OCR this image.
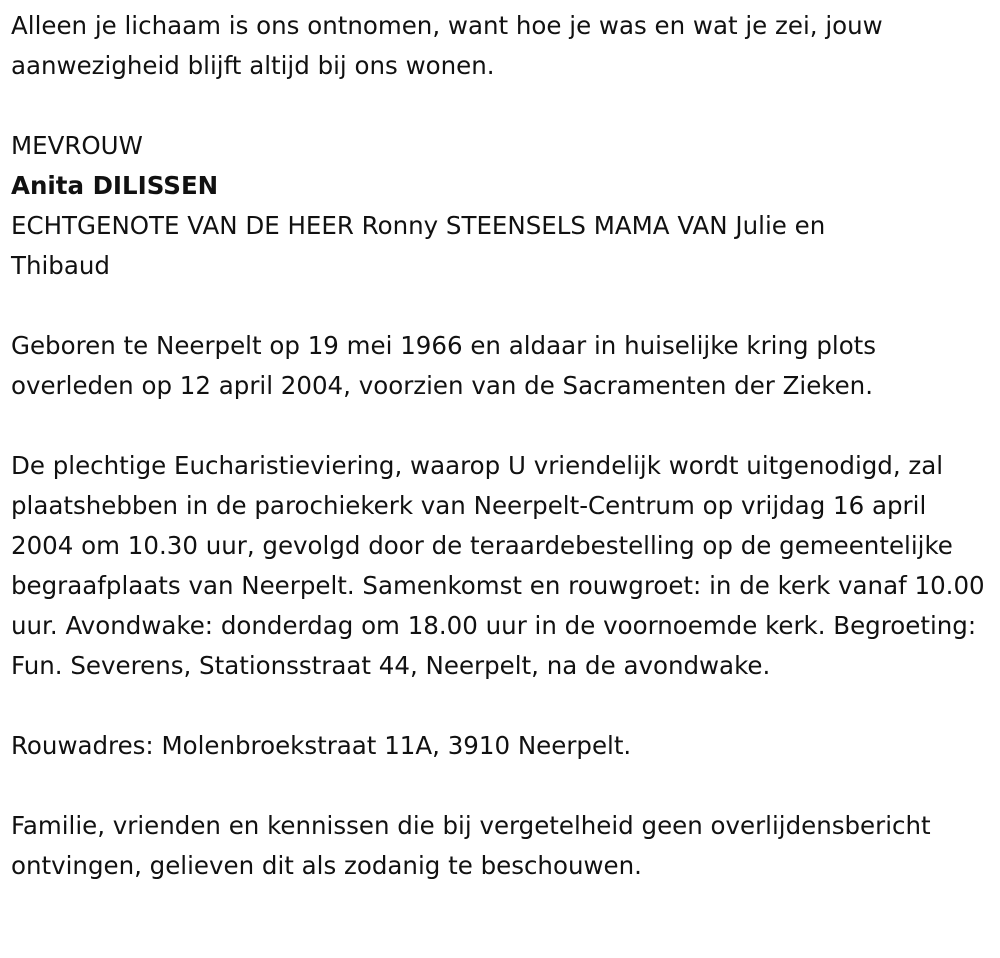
Alleen je lichaam is ons ontnomen, want hoe je was en wat je zei, jouw aanwezigheid blijft altijd bij ons wonen.

MEVROUW

Anita DILISSEN

ECHTGENOTE VAN DE HEER Ronny STEENSELS MAMA VAN Julie en Thibaud

Geboren te Neerpelt op 19 mei 1966 en aldaar in huiselijke kring plots overleden op 12 april 2004, voorzien van de Sacramenten der Zieken.

De plechtige Eucharistieviering, waarop U vriendelijk wordt uitgenodigd, zal plaatshebben in de parochiekerk van Neerpelt-Centrum op vrijdag 16 april 2004 om 10.30 uur, gevolgd door de teraardebestelling op de gemeentelijke begraafplaats van Neerpelt. Samenkomst en rouwgroet: in de kerk vanaf 10.00 uur. Avondwake: donderdag om 18.00 uur in de voornoemde kerk. Begroeting: Fun. Severens, Stationsstraat 44, Neerpelt, na de avondwake.

Rouwadres: Molenbroekstraat 11A, 3910 Neerpelt.

Familie, vrienden en kennissen die bij vergetelheid geen overlijdensbericht ontvingen, gelieven dit als zodanig te beschouwen.
